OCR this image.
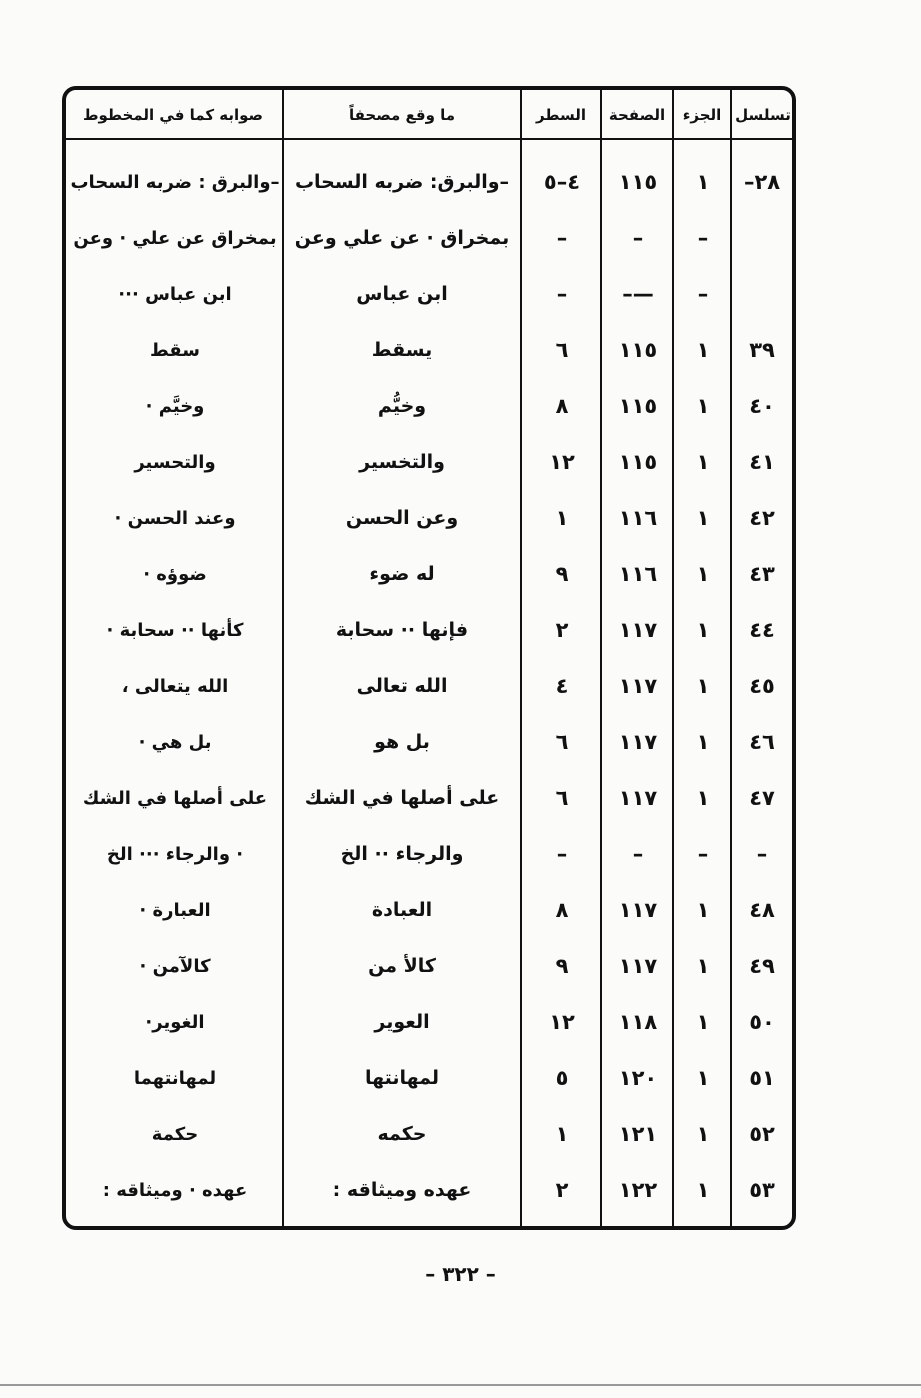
تسلسل
الجزء
الصفحة
السطر
ما وقع مصحفاً
صوابه كما في المخطوط
٢٨–
١
١١٥
٤–٥
–والبرق: ضربه السحاب
–والبرق : ضربه السحاب
–
–
–
بمخراق · عن علي وعن
بمخراق عن علي · وعن
–
—–
–
ابن عباس
ابن عباس ···
٣٩
١
١١٥
٦
يسقط
سقط
٤٠
١
١١٥
٨
وخيُّم
وخيَّم ·
٤١
١
١١٥
١٢
والتخسير
والتحسير
٤٢
١
١١٦
١
وعن الحسن
وعند الحسن ·
٤٣
١
١١٦
٩
له ضوء
ضوؤه ·
٤٤
١
١١٧
٢
فإنها ·· سحابة
كأنها ·· سحابة ·
٤٥
١
١١٧
٤
الله تعالى
الله يتعالى ،
٤٦
١
١١٧
٦
بل هو
بل هي ·
٤٧
١
١١٧
٦
على أصلها في الشك
على أصلها في الشك
–
–
–
–
والرجاء ·· الخ
· والرجاء ··· الخ
٤٨
١
١١٧
٨
العبادة
العبارة ·
٤٩
١
١١٧
٩
كالأ من
كالآمن ·
٥٠
١
١١٨
١٢
العوير
الغوير·
٥١
١
١٢٠
٥
لمهانتها
لمهانتهما
٥٢
١
١٢١
١
حكمه
حكمة
٥٣
١
١٢٢
٢
عهده وميثاقه :
عهده · وميثاقه :
– ٣٢٢ –
